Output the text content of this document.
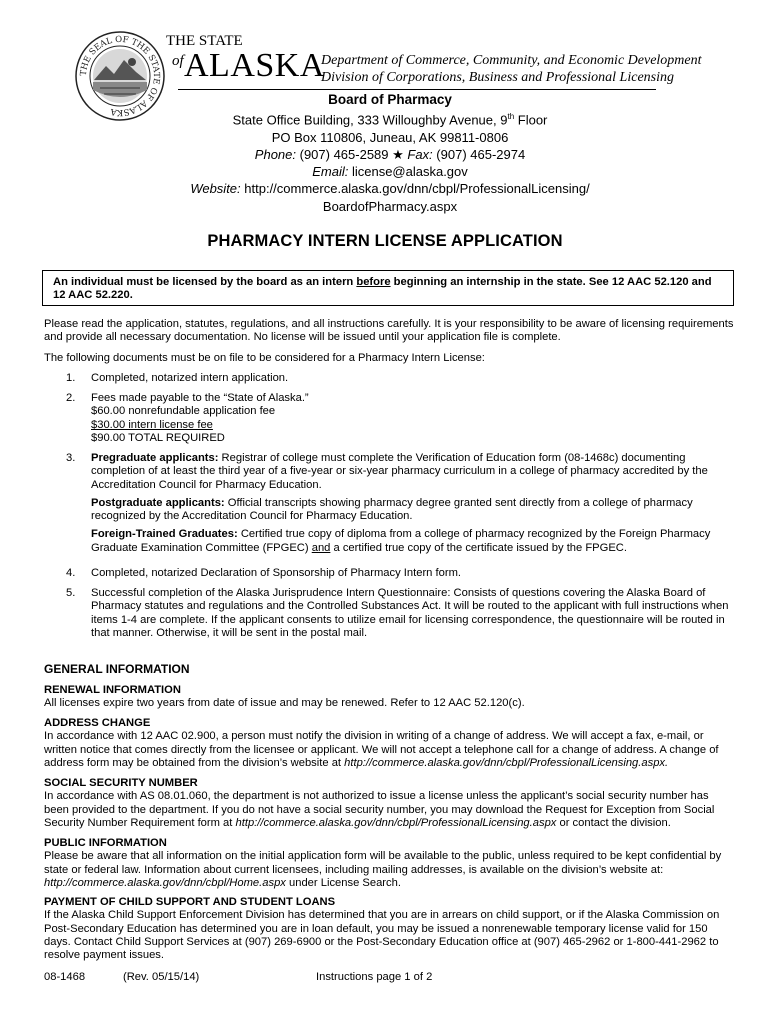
THE SEAL OF THE STATE OF ALASKA
THE STATE
of ALASKA
Department of Commerce, Community, and Economic Development
Division of Corporations, Business and Professional Licensing
Board of Pharmacy
State Office Building, 333 Willoughby Avenue, 9th Floor
PO Box 110806, Juneau, AK 99811-0806
Phone: (907) 465-2589 ★ Fax: (907) 465-2974
Email: license@alaska.gov
Website: http://commerce.alaska.gov/dnn/cbpl/ProfessionalLicensing/
BoardofPharmacy.aspx
PHARMACY INTERN LICENSE APPLICATION
An individual must be licensed by the board as an intern before beginning an internship in the state. See 12 AAC 52.120 and 12 AAC 52.220.
Please read the application, statutes, regulations, and all instructions carefully. It is your responsibility to be aware of licensing requirements and provide all necessary documentation. No license will be issued until your application file is complete.
The following documents must be on file to be considered for a Pharmacy Intern License:
1. Completed, notarized intern application.
2. Fees made payable to the “State of Alaska.”
$60.00 nonrefundable application fee
$30.00 intern license fee
$90.00 TOTAL REQUIRED
3. Pregraduate applicants: Registrar of college must complete the Verification of Education form (08-1468c) documenting completion of at least the third year of a five-year or six-year pharmacy curriculum in a college of pharmacy accredited by the Accreditation Council for Pharmacy Education.
Postgraduate applicants: Official transcripts showing pharmacy degree granted sent directly from a college of pharmacy recognized by the Accreditation Council for Pharmacy Education.
Foreign-Trained Graduates: Certified true copy of diploma from a college of pharmacy recognized by the Foreign Pharmacy Graduate Examination Committee (FPGEC) and a certified true copy of the certificate issued by the FPGEC.
4. Completed, notarized Declaration of Sponsorship of Pharmacy Intern form.
5. Successful completion of the Alaska Jurisprudence Intern Questionnaire: Consists of questions covering the Alaska Board of Pharmacy statutes and regulations and the Controlled Substances Act. It will be routed to the applicant with full instructions when items 1-4 are complete. If the applicant consents to utilize email for licensing correspondence, the questionnaire will be routed in that manner. Otherwise, it will be sent in the postal mail.
GENERAL INFORMATION
RENEWAL INFORMATION
All licenses expire two years from date of issue and may be renewed. Refer to 12 AAC 52.120(c).
ADDRESS CHANGE
In accordance with 12 AAC 02.900, a person must notify the division in writing of a change of address. We will accept a fax, e-mail, or written notice that comes directly from the licensee or applicant. We will not accept a telephone call for a change of address. A change of address form may be obtained from the division’s website at http://commerce.alaska.gov/dnn/cbpl/ProfessionalLicensing.aspx.
SOCIAL SECURITY NUMBER
In accordance with AS 08.01.060, the department is not authorized to issue a license unless the applicant’s social security number has been provided to the department. If you do not have a social security number, you may download the Request for Exception from Social Security Number Requirement form at http://commerce.alaska.gov/dnn/cbpl/ProfessionalLicensing.aspx or contact the division.
PUBLIC INFORMATION
Please be aware that all information on the initial application form will be available to the public, unless required to be kept confidential by state or federal law. Information about current licensees, including mailing addresses, is available on the division’s website at: http://commerce.alaska.gov/dnn/cbpl/Home.aspx under License Search.
PAYMENT OF CHILD SUPPORT AND STUDENT LOANS
If the Alaska Child Support Enforcement Division has determined that you are in arrears on child support, or if the Alaska Commission on Post-Secondary Education has determined you are in loan default, you may be issued a nonrenewable temporary license valid for 150 days. Contact Child Support Services at (907) 269-6900 or the Post-Secondary Education office at (907) 465-2962 or 1-800-441-2962 to resolve payment issues.
08-1468	(Rev. 05/15/14)	Instructions page 1 of 2
